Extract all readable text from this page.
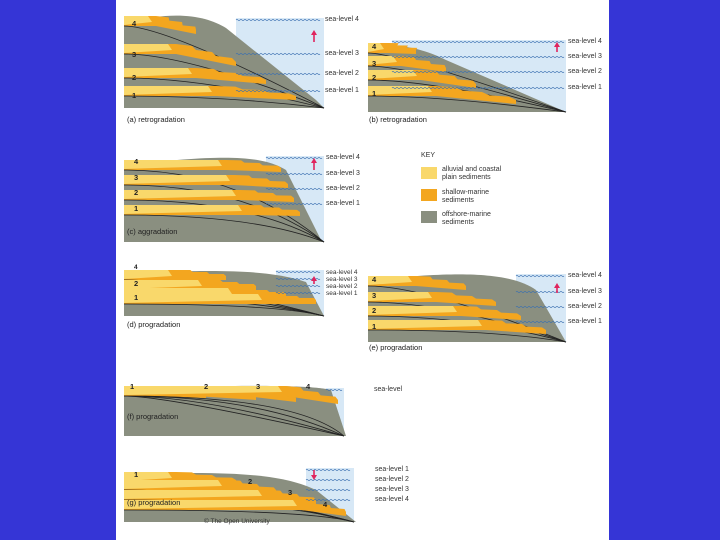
4
3
2
1
sea-level 4
sea-level 3
sea-level 2
sea-level 1
(a) retrogradation
4
3
2
1
sea-level 4
sea-level 3
sea-level 2
sea-level 1
(b) retrogradation
4
3
2
1
sea-level 4
sea-level 3
sea-level 2
sea-level 1
(c) aggradation
KEY
alluvial and coastal plain sediments
shallow-marine sediments
offshore-marine sediments
4
2
1
sea-level 4
sea-level 3
sea-level 2
sea-level 1
(d) progradation
4
3
2
1
sea-level 4
sea-level 3
sea-level 2
sea-level 1
(e) progradation
1	2	3	4	sea-level
(f) progradation
1
2
3
4
sea-level 1
sea-level 2
sea-level 3
sea-level 4
(g) progradation
© The Open University
